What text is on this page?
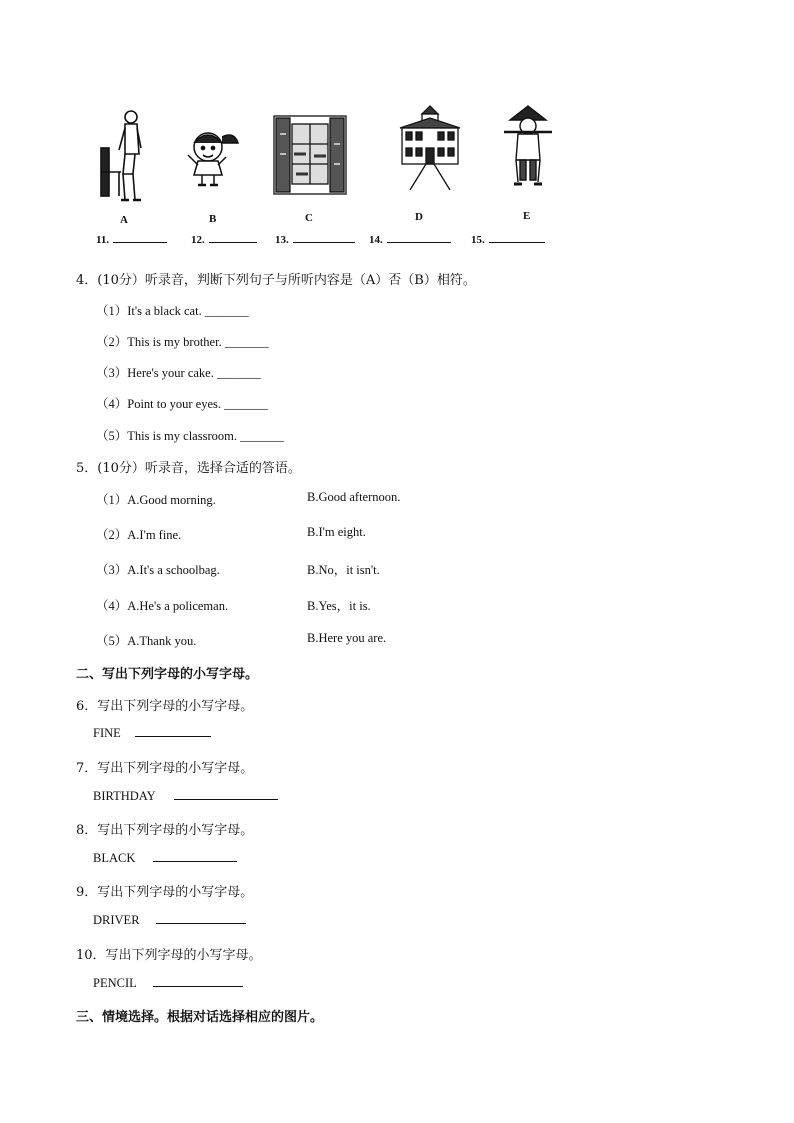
A	B	C	D	E
11.	12.	13.	14.	15.
4．(10分）听录音，判断下列句子与所听内容是（A）否（B）相符。
（1）It's a black cat. _______
（2）This is my brother. _______
（3）Here's your cake. _______
（4）Point to your eyes. _______
（5）This is my classroom. _______
5．(10分）听录音，选择合适的答语。
（1）A.Good morning.	B.Good afternoon.
（2）A.I'm fine.	B.I'm eight.
（3）A.It's a schoolbag.	B.No，it isn't.
（4）A.He's a policeman.	B.Yes，it is.
（5）A.Thank you.	B.Here you are.
二、写出下列字母的小写字母。
6．写出下列字母的小写字母。
FINE
7．写出下列字母的小写字母。
BIRTHDAY
8．写出下列字母的小写字母。
BLACK
9．写出下列字母的小写字母。
DRIVER
10．写出下列字母的小写字母。
PENCIL
三、情境选择。根据对话选择相应的图片。
